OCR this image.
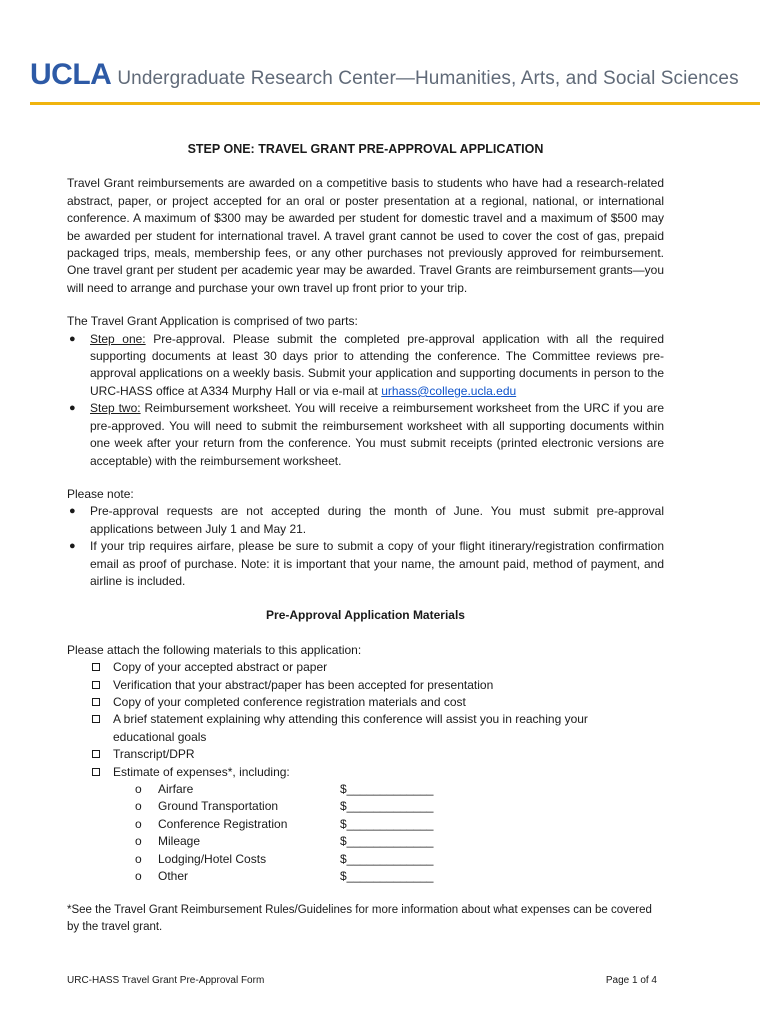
UCLA Undergraduate Research Center—Humanities, Arts, and Social Sciences

STEP ONE: TRAVEL GRANT PRE-APPROVAL APPLICATION

Travel Grant reimbursements are awarded on a competitive basis to students who have had a research-related abstract, paper, or project accepted for an oral or poster presentation at a regional, national, or international conference. A maximum of $300 may be awarded per student for domestic travel and a maximum of $500 may be awarded per student for international travel. A travel grant cannot be used to cover the cost of gas, prepaid packaged trips, meals, membership fees, or any other purchases not previously approved for reimbursement. One travel grant per student per academic year may be awarded. Travel Grants are reimbursement grants—you will need to arrange and purchase your own travel up front prior to your trip.

The Travel Grant Application is comprised of two parts:

● Step one: Pre-approval. Please submit the completed pre-approval application with all the required supporting documents at least 30 days prior to attending the conference. The Committee reviews pre-approval applications on a weekly basis. Submit your application and supporting documents in person to the URC-HASS office at A334 Murphy Hall or via e-mail at urhass@college.ucla.edu
● Step two: Reimbursement worksheet. You will receive a reimbursement worksheet from the URC if you are pre-approved. You will need to submit the reimbursement worksheet with all supporting documents within one week after your return from the conference. You must submit receipts (printed electronic versions are acceptable) with the reimbursement worksheet.

Please note:

● Pre-approval requests are not accepted during the month of June. You must submit pre-approval applications between July 1 and May 21.
● If your trip requires airfare, please be sure to submit a copy of your flight itinerary/registration confirmation email as proof of purchase. Note: it is important that your name, the amount paid, method of payment, and airline is included.

Pre-Approval Application Materials

Please attach the following materials to this application:

Copy of your accepted abstract or paper
Verification that your abstract/paper has been accepted for presentation
Copy of your completed conference registration materials and cost
A brief statement explaining why attending this conference will assist you in reaching your educational goals
Transcript/DPR
Estimate of expenses*, including:
o Airfare	$_____________
o Ground Transportation	$_____________
o Conference Registration	$_____________
o Mileage	$_____________
o Lodging/Hotel Costs	$_____________
o Other	$_____________

*See the Travel Grant Reimbursement Rules/Guidelines for more information about what expenses can be covered by the travel grant.

URC-HASS Travel Grant Pre-Approval Form	Page 1 of 4
